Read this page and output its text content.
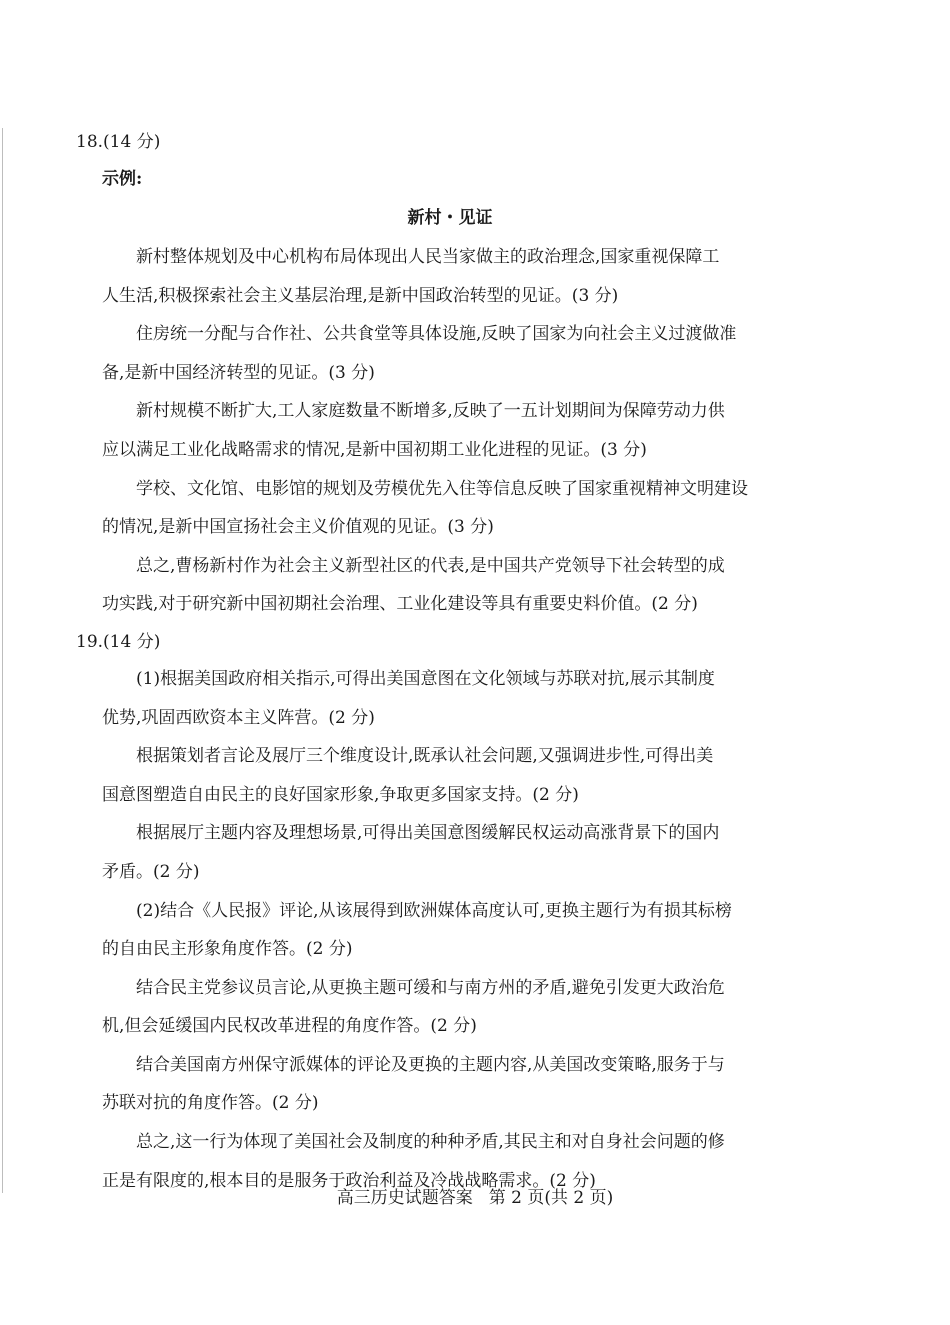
18.(14 分)

示例:

新村・见证

新村整体规划及中心机构布局体现出人民当家做主的政治理念,国家重视保障工
人生活,积极探索社会主义基层治理,是新中国政治转型的见证。(3 分)

住房统一分配与合作社、公共食堂等具体设施,反映了国家为向社会主义过渡做准
备,是新中国经济转型的见证。(3 分)

新村规模不断扩大,工人家庭数量不断增多,反映了一五计划期间为保障劳动力供
应以满足工业化战略需求的情况,是新中国初期工业化进程的见证。(3 分)

学校、文化馆、电影馆的规划及劳模优先入住等信息反映了国家重视精神文明建设
的情况,是新中国宣扬社会主义价值观的见证。(3 分)

总之,曹杨新村作为社会主义新型社区的代表,是中国共产党领导下社会转型的成
功实践,对于研究新中国初期社会治理、工业化建设等具有重要史料价值。(2 分)

19.(14 分)

(1)根据美国政府相关指示,可得出美国意图在文化领域与苏联对抗,展示其制度
优势,巩固西欧资本主义阵营。(2 分)

根据策划者言论及展厅三个维度设计,既承认社会问题,又强调进步性,可得出美
国意图塑造自由民主的良好国家形象,争取更多国家支持。(2 分)

根据展厅主题内容及理想场景,可得出美国意图缓解民权运动高涨背景下的国内
矛盾。(2 分)

(2)结合《人民报》评论,从该展得到欧洲媒体高度认可,更换主题行为有损其标榜
的自由民主形象角度作答。(2 分)

结合民主党参议员言论,从更换主题可缓和与南方州的矛盾,避免引发更大政治危
机,但会延缓国内民权改革进程的角度作答。(2 分)

结合美国南方州保守派媒体的评论及更换的主题内容,从美国改变策略,服务于与
苏联对抗的角度作答。(2 分)

总之,这一行为体现了美国社会及制度的种种矛盾,其民主和对自身社会问题的修
正是有限度的,根本目的是服务于政治利益及冷战战略需求。(2 分)

高三历史试题答案 第 2 页(共 2 页)
